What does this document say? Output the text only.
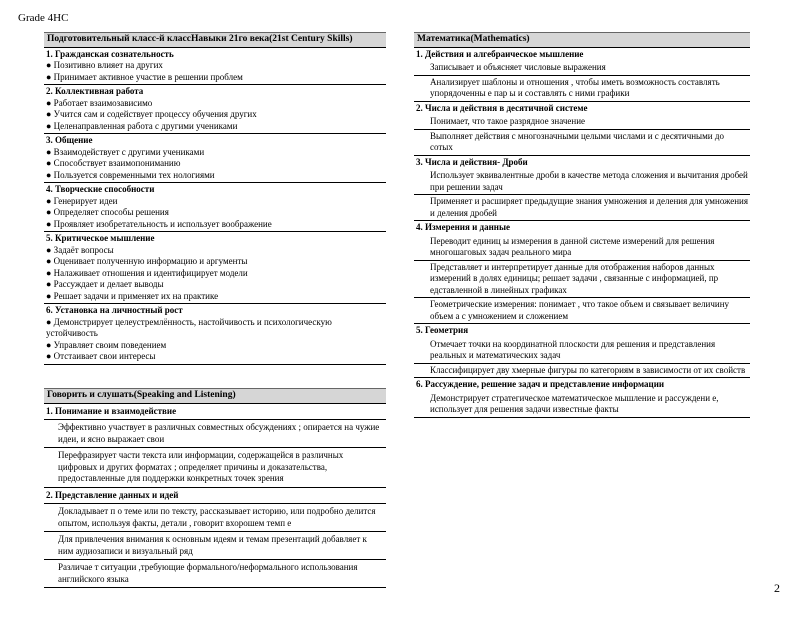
Grade 4HC
Подготовительный класс-й классНавыки 21го века(21st Century Skills)
1. Гражданская сознательность
● Позитивно влияет на других
● Принимает активное участие в решении проблем
2. Коллективная работа
● Работает взаимозависимо
● Учится сам и содействует процессу обучения других
● Целенаправленная работа с другими учениками
3. Общение
● Взаимодействует с другими учениками
● Способствует взаимопониманию
● Пользуется современными тех нологиями
4. Творческие способности
● Генерирует идеи
● Определяет способы решения
● Проявляет изобретательность и использует воображение
5. Критическое мышление
● Задаёт вопросы
● Оценивает полученную информацию и аргументы
● Налаживает отношения и идентифицирует модели
● Рассуждает и делает выводы
● Решает задачи и применяет их на практике
6. Установка на личностный рост
● Демонстрирует целеустремлённость, настойчивость и психологическую устойчивость
● Управляет своим поведением
● Отстаивает свои интересы
Говорить и слушать(Speaking and Listening)
1. Понимание и взаимодействие
Эффективно участвует в различных совместных обсуждениях ; опирается на чужие идеи, и ясно выражает свои
Перефразирует части текста или информации, содержащейся в различных цифровых и других форматах ; определяет причины и доказательства, предоставленные для поддержки конкретных точек зрения
2. Представление данных и идей
Докладывает п о теме или по тексту, рассказывает историю, или подробно делится опытом, используя факты, детали , говорит вхорошем темп е
Для привлечения внимания к основным идеям и темам презентаций добавляет к ним аудиозаписи и визуальный ряд
Различае т ситуации ,требующие формального/неформального использования английского языка
Математика(Mathematics)
1. Действия и алгебраическое мышление
Записывает и объясняет числовые выражения
Анализирует шаблоны и отношения , чтобы иметь возможность составлять упорядоченны е пар ы и составлять с ними графики
2. Числа и действия в десятичной системе
Понимает, что такое разрядное значение
Выполняет действия с многозначными целыми числами и с десятичными до сотых
3. Числа и действия- Дроби
Использует эквивалентные дроби в качестве метода сложения и вычитания дробей при решении задач
Применяет и расширяет предыдущие знания умножения и деления для умножения и деления дробей
4. Измерения и данные
Переводит единиц ы измерения в данной системе измерений для решения многошаговых задач реального мира
Представляет и интерпретирует данные для отображения наборов данных измерений в долях единицы; решает задачи , связанные с информацией, пр едставленной в линейных графиках
Геометрические измерения: понимает , что такое объем и связывает величину объем а с умножением и сложением
5. Геометрия
Отмечает точки на координатной плоскости для решения и представления реальных и математических задач
Классифицирует дву хмерные фигуры по категориям в зависимости от их свойств
6. Рассуждение, решение задач и представление информации
Демонстрирует стратегическое математическое мышление и рассуждени е, использует для решения задачи известные факты
2
